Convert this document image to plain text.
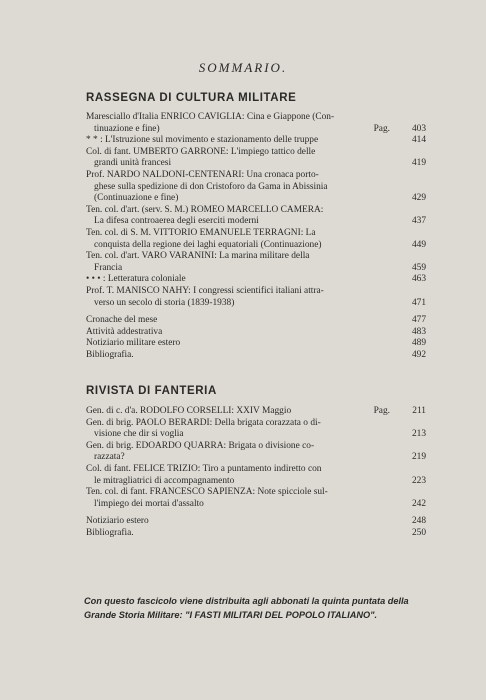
SOMMARIO.
RASSEGNA DI CULTURA MILITARE
Maresciallo d'Italia ENRICO CAVIGLIA: Cina e Giappone (Con-
tinuazione e fine)	Pag.	403
* * : L'Istruzione sul movimento e stazionamento delle truppe	414
Col. di fant. UMBERTO GARRONE: L'impiego tattico delle
grandi unità francesi	419
Prof. NARDO NALDONI-CENTENARI: Una cronaca porto-
ghese sulla spedizione di don Cristoforo da Gama in Abissinia
(Continuazione e fine)	429
Ten. col. d'art. (serv. S. M.) ROMEO MARCELLO CAMERA:
La difesa controaerea degli eserciti moderni	437
Ten. col. di S. M. VITTORIO EMANUELE TERRAGNI: La
conquista della regione dei laghi equatoriali (Continuazione)	449
Ten. col. d'art. VARO VARANINI: La marina militare della
Francia	459
• • • : Letteratura coloniale	463
Prof. T. MANISCO NAHY: I congressi scientifici italiani attra-
verso un secolo di storia (1839-1938)	471
Cronache del mese	477
Attività addestrativa	483
Notiziario militare estero	489
Bibliografia.	492
RIVISTA DI FANTERIA
Gen. di c. d'a. RODOLFO CORSELLI: XXIV Maggio	Pag.	211
Gen. di brig. PAOLO BERARDI: Della brigata corazzata o di-
visione che dir si voglia	213
Gen. di brig. EDOARDO QUARRA: Brigata o divisione co-
razzata?	219
Col. di fant. FELICE TRIZIO: Tiro a puntamento indiretto con
le mitragliatrici di accompagnamento	223
Ten. col. di fant. FRANCESCO SAPIENZA: Note spicciole sul-
l'impiego dei mortai d'assalto	242
Notiziario estero	248
Bibliografia.	250
Con questo fascicolo viene distribuita agli abbonati la quinta puntata della
Grande Storia Militare: "I FASTI MILITARI DEL POPOLO ITALIANO".
